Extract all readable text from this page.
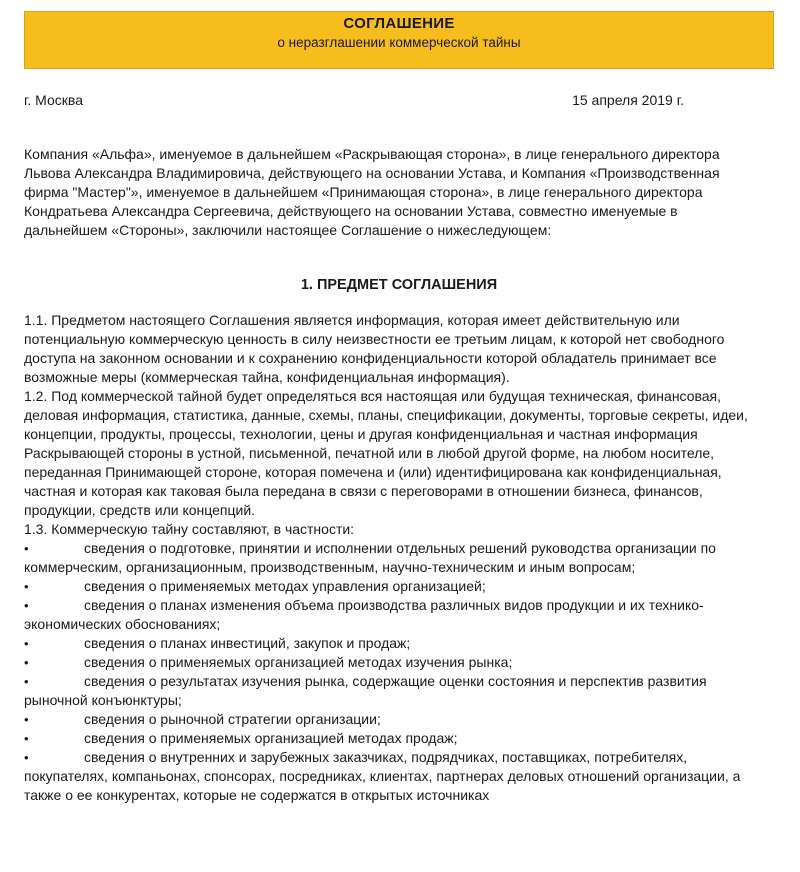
СОГЛАШЕНИЕ
о неразглашении коммерческой тайны
г. Москва	15 апреля 2019 г.

Компания «Альфа», именуемое в дальнейшем «Раскрывающая сторона», в лице генерального директора Львова Александра Владимировича, действующего на основании Устава, и Компания «Производственная фирма "Мастер"», именуемое в дальнейшем «Принимающая сторона», в лице генерального директора Кондратьева Александра Сергеевича, действующего на основании Устава, совместно именуемые в дальнейшем «Стороны», заключили настоящее Соглашение о нижеследующем:

1. ПРЕДМЕТ СОГЛАШЕНИЯ

1.1. Предметом настоящего Соглашения является информация, которая имеет действительную или потенциальную коммерческую ценность в силу неизвестности ее третьим лицам, к которой нет свободного доступа на законном основании и к сохранению конфиденциальности которой обладатель принимает все возможные меры (коммерческая тайна, конфиденциальная информация).

1.2. Под коммерческой тайной будет определяться вся настоящая или будущая техническая, финансовая, деловая информация, статистика, данные, схемы, планы, спецификации, документы, торговые секреты, идеи, концепции, продукты, процессы, технологии, цены и другая конфиденциальная и частная информация Раскрывающей стороны в устной, письменной, печатной или в любой другой форме, на любом носителе, переданная Принимающей стороне, которая помечена и (или) идентифицирована как конфиденциальная, частная и которая как таковая была передана в связи с переговорами в отношении бизнеса, финансов, продукции, средств или концепций.

1.3. Коммерческую тайну составляют, в частности:

•	сведения о подготовке, принятии и исполнении отдельных решений руководства организации по коммерческим, организационным, производственным, научно-техническим и иным вопросам;
•	сведения о применяемых методах управления организацией;
•	сведения о планах изменения объема производства различных видов продукции и их технико-экономических обоснованиях;
•	сведения о планах инвестиций, закупок и продаж;
•	сведения о применяемых организацией методах изучения рынка;
•	сведения о результатах изучения рынка, содержащие оценки состояния и перспектив развития рыночной конъюнктуры;
•	сведения о рыночной стратегии организации;
•	сведения о применяемых организацией методах продаж;
•	сведения о внутренних и зарубежных заказчиках, подрядчиках, поставщиках, потребителях, покупателях, компаньонах, спонсорах, посредниках, клиентах, партнерах деловых отношений организации, а также о ее конкурентах, которые не содержатся в открытых источниках
